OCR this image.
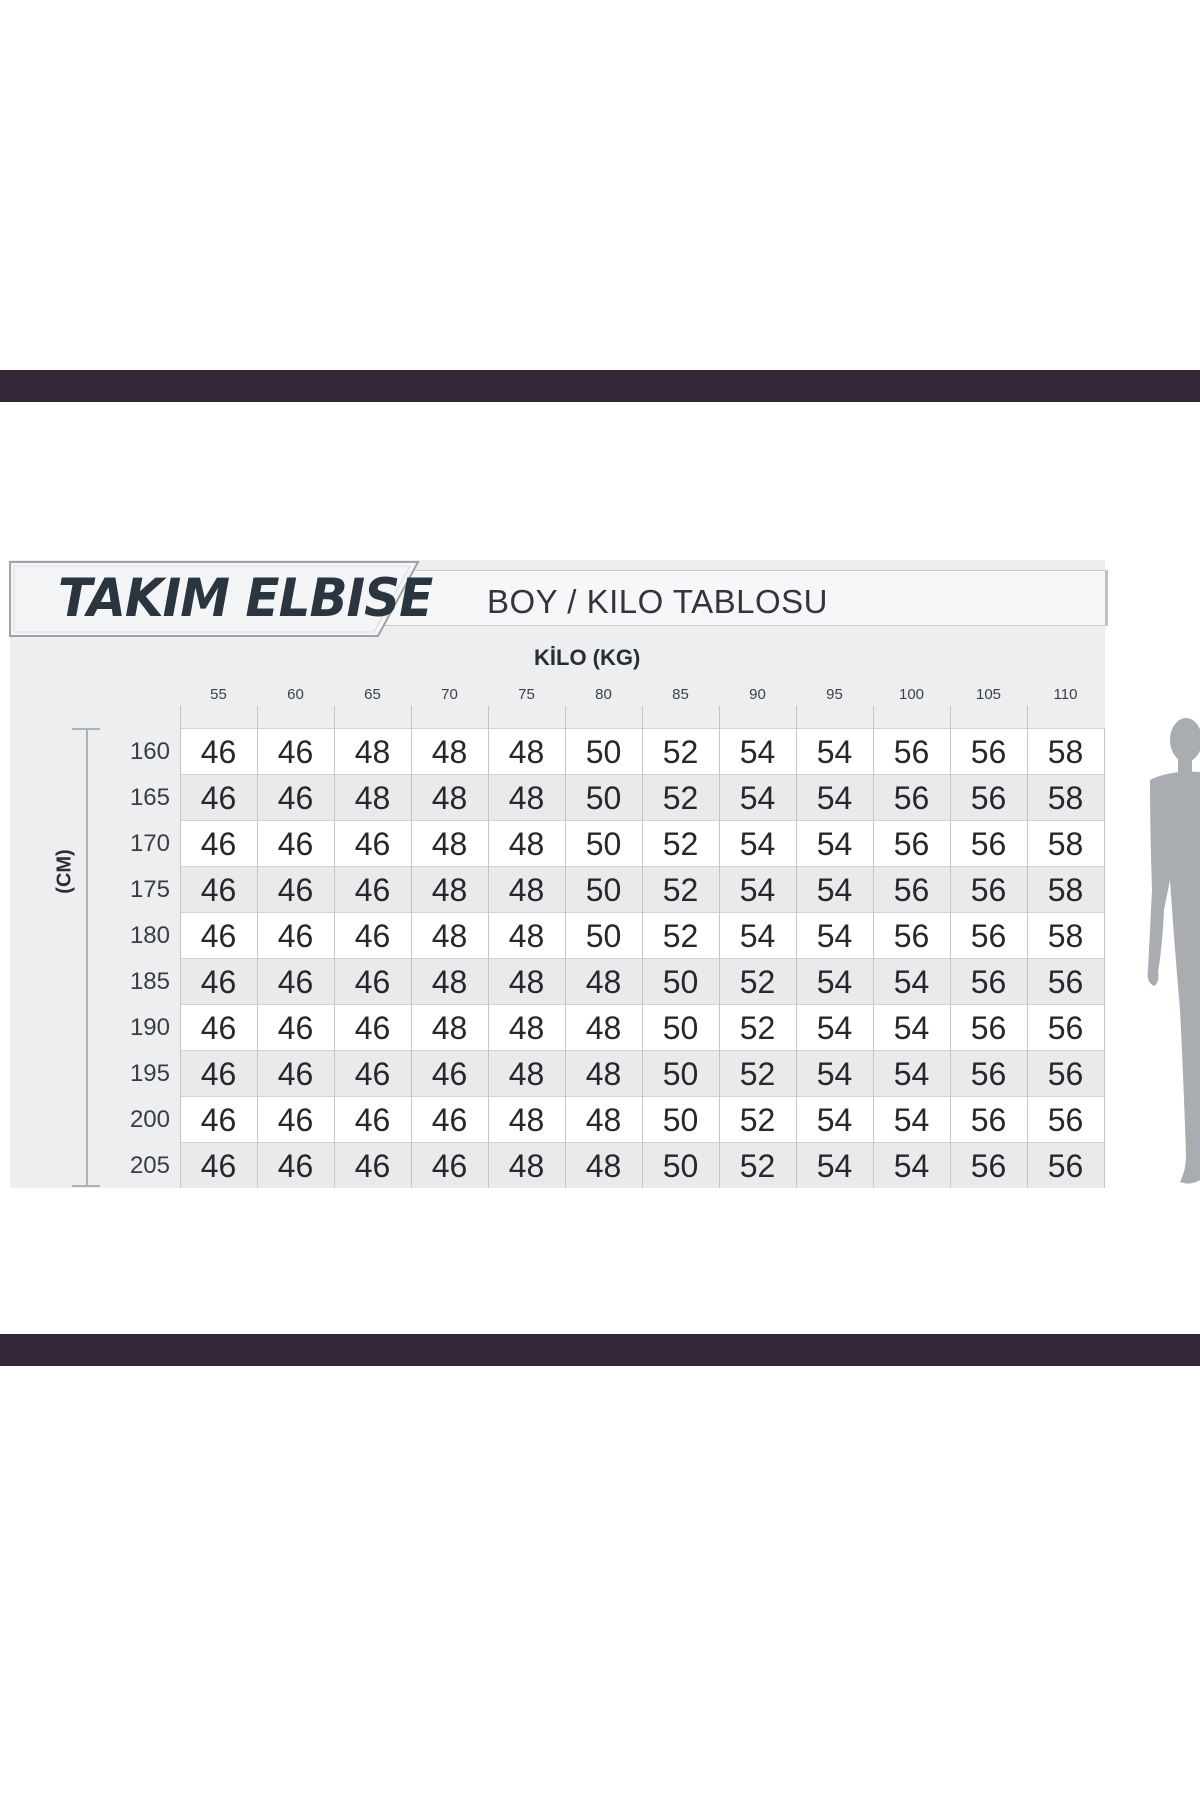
BOY / KILO TABLOSU
TAKIM ELBISE
KİLO (KG)
55	60	65	70	75	80	85	90	95	100	105	110
160 46	46	48	48	48	50	52	54	54	56	56	58
165 46	46	48	48	48	50	52	54	54	56	56	58
170 46	46	46	48	48	50	52	54	54	56	56	58
175 46	46	46	48	48	50	52	54	54	56	56	58
180 46	46	46	48	48	50	52	54	54	56	56	58
185 46	46	46	48	48	48	50	52	54	54	56	56
190 46	46	46	48	48	48	50	52	54	54	56	56
195 46	46	46	46	48	48	50	52	54	54	56	56
200 46	46	46	46	48	48	50	52	54	54	56	56
205 46	46	46	46	48	48	50	52	54	54	56	56
(CM)
